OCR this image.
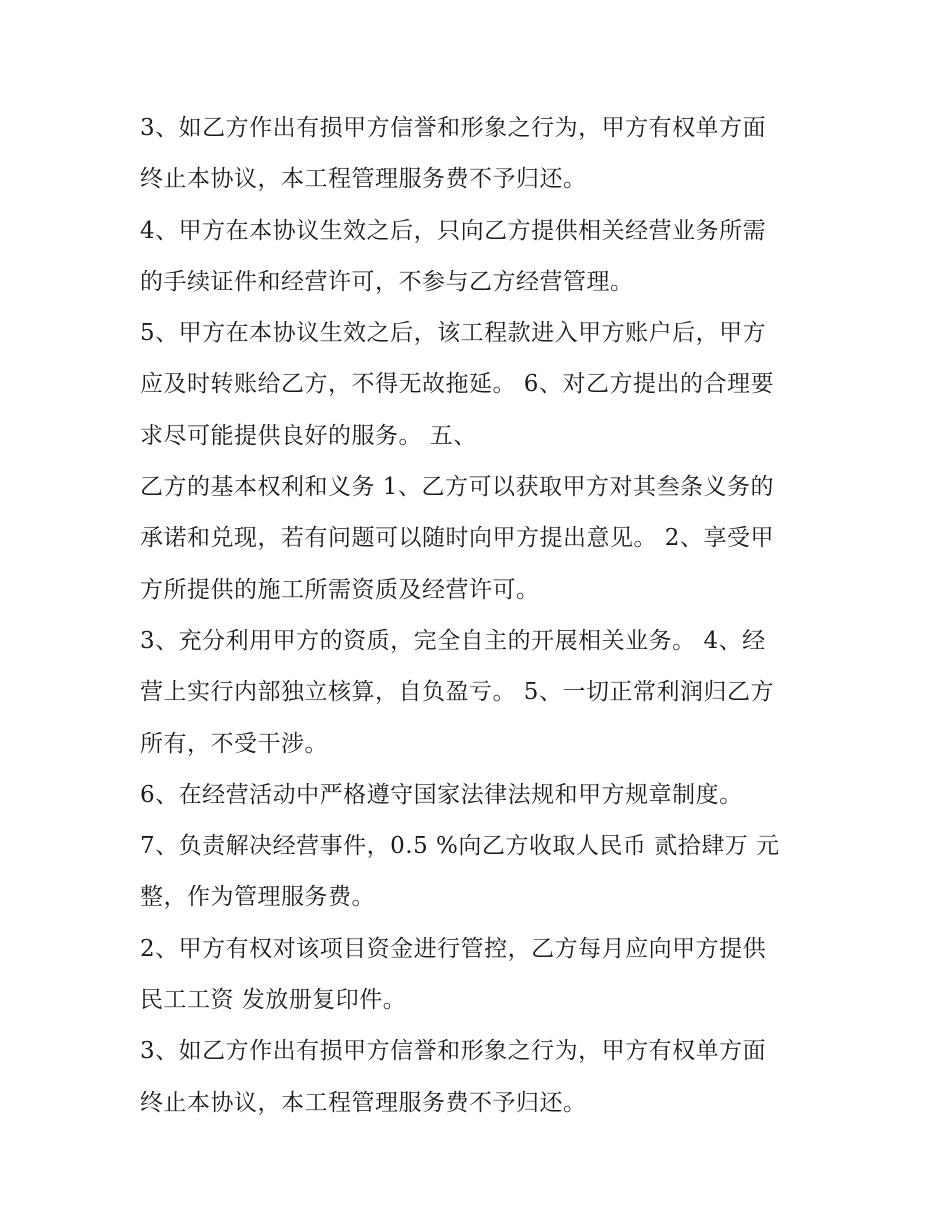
3、如乙方作出有损甲方信誉和形象之行为，甲方有权单方面
终止本协议，本工程管理服务费不予归还。
4、甲方在本协议生效之后，只向乙方提供相关经营业务所需
的手续证件和经营许可，不参与乙方经营管理。
5、甲方在本协议生效之后，该工程款进入甲方账户后，甲方
应及时转账给乙方，不得无故拖延。 6、对乙方提出的合理要
求尽可能提供良好的服务。 五、
乙方的基本权利和义务 1、乙方可以获取甲方对其叁条义务的
承诺和兑现，若有问题可以随时向甲方提出意见。 2、享受甲
方所提供的施工所需资质及经营许可。
3、充分利用甲方的资质，完全自主的开展相关业务。 4、经
营上实行内部独立核算，自负盈亏。 5、一切正常利润归乙方
所有，不受干涉。
6、在经营活动中严格遵守国家法律法规和甲方规章制度。
7、负责解决经营事件，0.5 %向乙方收取人民币 贰拾肆万 元
整，作为管理服务费。
2、甲方有权对该项目资金进行管控，乙方每月应向甲方提供
民工工资 发放册复印件。
3、如乙方作出有损甲方信誉和形象之行为，甲方有权单方面
终止本协议，本工程管理服务费不予归还。
